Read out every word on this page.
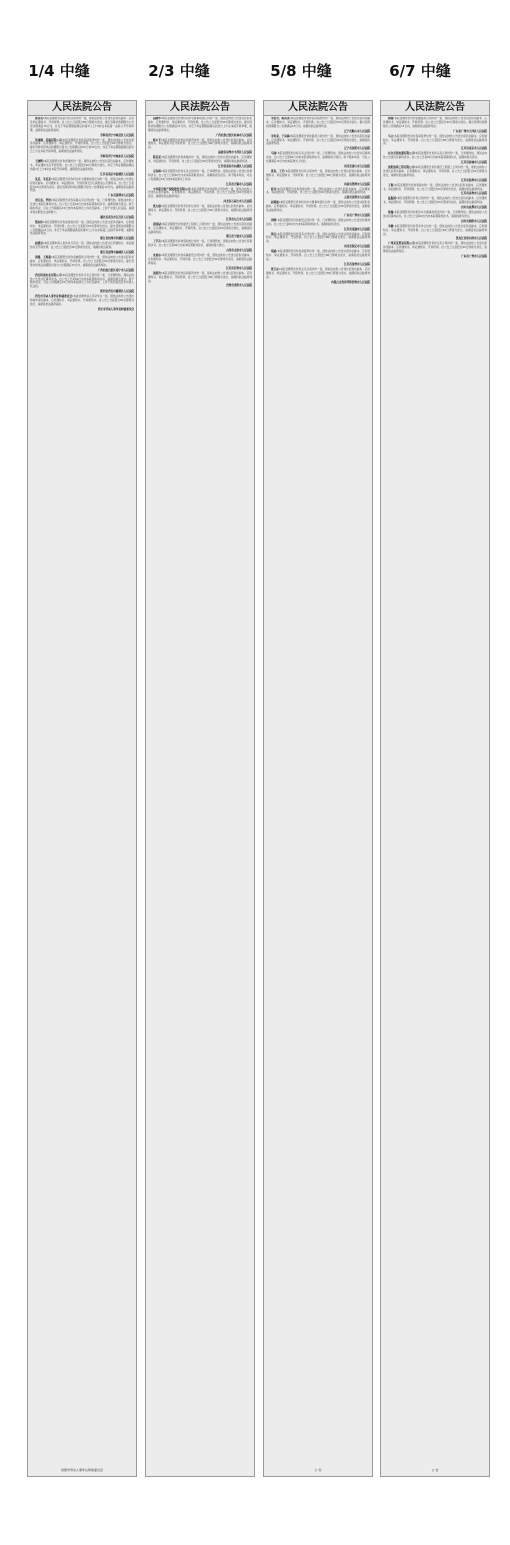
1/4 中缝	2/3 中缝	5/8 中缝	6/7 中缝
人民法院公告

孙金英:本院受理原告某某诉你合同纠纷一案，现依法向你公告送达起诉状副本、应诉及举证通知书、开庭传票。自公告之日起经过60日即视为送达。提出答辩状的期限为公告送达期满后15日内，并定于举证期限届满后的第3日上午9时在本院第一法庭公开开庭审理，逾期将依法缺席裁判。

青海省西宁市城北区人民法院

冯建刚、姜瑞有限公司:本院受理原告诉你民间借贷纠纷一案，现依法向你公告送达起诉状副本、应诉通知书、举证通知书、开庭传票等。自公告之日起经过60日即视为送达。提出答辩状和举证的期限分别为公告期满后的15日和30日内，并定于举证期限届满后的次日上午在本院开庭审理，逾期将依法缺席判决。

青海省西宁市城东区人民法院

王晓辉:本院受理原告诉你离婚纠纷一案，现依法向你公告送达起诉状副本、应诉通知书、举证通知书及开庭传票。自公告之日起经过60日即视为送达，并定于举证期限届满后的第3日上午9时在本院开庭审理，逾期将依法缺席判决。

江苏省南京市鼓楼区人民法院

某某、李某某:本院受理原告诉你机动车交通事故责任纠纷一案，现依法向你公告送达起诉状副本、应诉通知书、举证通知书、开庭传票及合议庭组成人员通知书。自公告之日起经过60日即视为送达。提出答辩状和举证期限分别为公告期满后15日内，逾期将依法缺席判决。

广东省深圳市人民法院

刘宝双、罗妍:本院受理原告诉你房屋买卖合同纠纷一案，已审理终结。现依法向你公告送达本院民事判决书。自公告之日起60日内来本院领取判决书，逾期则视为送达。如不服本判决，可在公告期满后15日内向本院递交上诉状及副本，上诉于中级人民法院。逾期本判决即发生法律效力。

湖北省武汉市江汉区人民法院

郑东伟:本院受理原告诉你追偿权纠纷一案，现依法向你公告送达起诉状副本、应诉通知书、举证通知书、开庭传票。自公告之日起经过60日即视为送达。提出答辩状的期限为公告期满后15日内，并定于举证期限届满后的第3日上午在本院第三法庭开庭审理，逾期将依法缺席判决。

浙江省杭州市西湖区人民法院

赵德亮:本院受理申请人诉你执行异议一案，现依法向你公告送达应诉通知书、举证通知书及开庭传票。自公告之日起经过60日即视为送达，逾期将依法裁判。

浙江省温州市鹿城区人民法院

黄刚、王海燕:本院受理原告诉你金融借款合同纠纷一案，现依法向你公告送达起诉状副本、应诉通知书、举证通知书、开庭传票。自公告之日起经过60日即视为送达。提出答辩状和举证的期限分别为公告期满后15日内，逾期将依法缺席判决。

广西壮族自治区南宁市人民法院

西安科创实业有限公司:本院受理原告诉你买卖合同纠纷一案，已审理终结。现依法向你公告送达民事判决书。自公告之日起60日内来本院领取判决书，逾期则视为送达。如不服本判决，可在公告期满后15日内向本院递交上诉状及副本，上诉于陕西省西安市中级人民法院。

陕西省西安市雁塔区人民法院

西安市劳动人事争议仲裁委员会:本委受理申请人劳动争议一案，现依法向你公告送达仲裁申请书副本、应诉通知书、举证通知书、开庭通知书。自公告之日起经过60日即视为送达，逾期将依法缺席裁决。

西安市劳动人事争议仲裁委员会

常德市劳动人事争议仲裁委员会
人民法院公告

高晓华:本院受理原告诉你机动车交通事故责任纠纷一案，现依法向你公告送达起诉状副本、应诉通知书、举证通知书、开庭传票。自公告之日起经过60日即视为送达。提出答辩状的期限为公告期满后15日内，并定于举证期限届满后的次日上午在本院开庭审理，逾期将依法缺席判决。

广西壮族自治区桂林市人民法院

蒋小平:本院受理原告诉你民间借贷纠纷一案，现依法向你公告送达起诉状副本、应诉通知书、举证通知书及开庭传票。自公告之日起经过60日即视为送达，逾期将依法缺席判决。

福建省泉州市丰泽区人民法院

陈某某:本院受理原告诉你离婚纠纷一案，现依法向你公告送达起诉状副本、应诉通知书、举证通知书、开庭传票。自公告之日起经过60日即视为送达，逾期将依法缺席判决。

江西省南昌市东湖区人民法院

宗春梅:本院受理原告诉你买卖合同纠纷一案，已审理终结。现依法向你公告送达民事判决书。自公告之日起60日内来本院领取判决书，逾期则视为送达。如不服本判决，可在公告期满后15日内向本院递交上诉状。

江苏省无锡市人民法院

中华联合财产保险股份有限公司:本院受理原告诉你保险合同纠纷一案，现依法向你公告送达起诉状副本、应诉通知书、举证通知书、开庭传票。自公告之日起经过60日即视为送达，逾期将依法缺席判决。

河北省石家庄市人民法院

张力建:本院受理原告诉你劳动争议纠纷一案，现依法向你公告送达起诉状副本、应诉通知书、举证通知书、开庭传票。自公告之日起经过60日即视为送达，逾期将依法缺席判决。

江西省九江市人民法院

黄国斌:本院受理原告诉你建设工程施工合同纠纷一案，现依法向你公告送达起诉状副本、应诉通知书、举证通知书、开庭传票。自公告之日起经过60日即视为送达，逾期将依法缺席判决。

浙江省宁波市人民法院

丁学兵:本院受理原告诉你股权转让纠纷一案，已审理终结。现依法向你公告送达民事判决书。自公告之日起60日内来本院领取判决书，逾期则视为送达。

山西省太原市人民法院

朱旭东:本院受理原告诉你房屋租赁合同纠纷一案，现依法向你公告送达起诉状副本、应诉通知书、举证通知书、开庭传票。自公告之日起经过60日即视为送达，逾期将依法缺席判决。

江苏省苏州市人民法院

黄绍贵:本院受理原告诉你民间借贷纠纷一案，现依法向你公告送达起诉状副本、应诉通知书、举证通知书、开庭传票。自公告之日起经过60日即视为送达，逾期将依法缺席判决。

贵州省贵阳市人民法院

人民法院公告

李洪青、陈凤英:本院受理原告诉你民间借贷纠纷一案，现依法向你公告送达起诉状副本、应诉通知书、举证通知书、开庭传票。自公告之日起经过60日即视为送达。提出答辩状的期限为公告期满后15日内，逾期将依法缺席判决。

辽宁省鞍山市人民法院

李传荣、于凤梅:本院受理原告诉你借款合同纠纷一案，现依法向你公告送达起诉状副本、应诉通知书、举证通知书、开庭传票。自公告之日起经过60日即视为送达，逾期将依法缺席判决。

辽宁省沈阳市人民法院

马国:本院受理原告诉你买卖合同纠纷一案，已审理终结。现依法向你公告送达民事判决书。自公告之日起60日内来本院领取判决书，逾期则视为送达。如不服本判决，可在公告期满后15日内向本院递交上诉状。

河北省唐山市人民法院

张春、王芳:本院受理原告诉你合同纠纷一案，现依法向你公告送达起诉状副本、应诉通知书、举证通知书、开庭传票。自公告之日起经过60日即视为送达，逾期将依法缺席判决。

河南省郑州市人民法院

杨雪:本院受理原告诉你离婚纠纷一案，现依法向你公告送达起诉状副本、应诉通知书、举证通知书、开庭传票。自公告之日起经过60日即视为送达，逾期将依法缺席判决。

云南省昆明市人民法院

赵海波:本院受理原告诉你机动车交通事故责任纠纷一案，现依法向你公告送达起诉状副本、应诉通知书、举证通知书、开庭传票。自公告之日起经过60日即视为送达，逾期将依法缺席判决。

广东省广州市人民法院

周明:本院受理原告诉你租赁合同纠纷一案，已审理终结。现依法向你公告送达民事判决书。自公告之日起60日内来本院领取判决书，逾期则视为送达。

江苏省南通市人民法院

钱宝:本院受理原告诉你劳务合同纠纷一案，现依法向你公告送达起诉状副本、应诉通知书、举证通知书、开庭传票。自公告之日起经过60日即视为送达，逾期将依法缺席判决。

河北省保定市人民法院

胡斌:本院受理原告诉你民间借贷纠纷一案，现依法向你公告送达起诉状副本、应诉通知书、举证通知书、开庭传票。自公告之日起经过60日即视为送达，逾期将依法缺席判决。

江苏省常州市人民法院

张卫东:本院受理原告诉你买卖合同纠纷一案，现依法向你公告送达起诉状副本、应诉通知书、举证通知书、开庭传票。自公告之日起经过60日即视为送达，逾期将依法缺席判决。

内蒙古自治区呼和浩特市人民法院

公 告
人民法院公告

徐强:本院受理原告诉你金融借款合同纠纷一案，现依法向你公告送达起诉状副本、应诉通知书、举证通知书、开庭传票。自公告之日起经过60日即视为送达。提出答辩状的期限为公告期满后15日内，逾期将依法缺席判决。

广东省广州市天河区人民法院

马立:本院受理原告诉你民间借贷纠纷一案，现依法向你公告送达起诉状副本、应诉通知书、举证通知书、开庭传票。自公告之日起经过60日即视为送达，逾期将依法缺席判决。

江苏省南京市人民法院

东台宏铭电器有限公司:本院受理原告诉你买卖合同纠纷一案，已审理终结。现依法向你公告送达民事判决书。自公告之日起60日内来本院领取判决书，逾期则视为送达。

江苏省盐城市人民法院

沈阳建筑工程有限公司:本院受理原告诉你建设工程施工合同纠纷一案，现依法向你公告送达起诉状副本、应诉通知书、举证通知书、开庭传票。自公告之日起经过60日即视为送达，逾期将依法缺席判决。

江苏省扬州市人民法院

王海:本院受理原告诉你离婚纠纷一案，现依法向你公告送达起诉状副本、应诉通知书、举证通知书、开庭传票。自公告之日起经过60日即视为送达，逾期将依法缺席判决。

江苏省泰州市人民法院

夏振国:本院受理原告诉你合同纠纷一案，现依法向你公告送达起诉状副本、应诉通知书、举证通知书、开庭传票。自公告之日起经过60日即视为送达，逾期将依法缺席判决。

四川省成都市人民法院

徐瑞:本院受理原告诉你机动车交通事故责任纠纷一案，已审理终结。现依法向你公告送达民事判决书。自公告之日起60日内来本院领取判决书，逾期则视为送达。

四川省绵阳市人民法院

李健:本院受理原告诉你劳动争议纠纷一案，现依法向你公告送达起诉状副本、应诉通知书、举证通知书、开庭传票。自公告之日起经过60日即视为送达，逾期将依法缺席判决。

黑龙江省哈尔滨市人民法院

广州某某贸易有限公司:本院受理原告诉你买卖合同纠纷一案，现依法向你公告送达起诉状副本、应诉通知书、举证通知书、开庭传票。自公告之日起经过60日即视为送达，逾期将依法缺席判决。

广东省广州市人民法院

公 告
